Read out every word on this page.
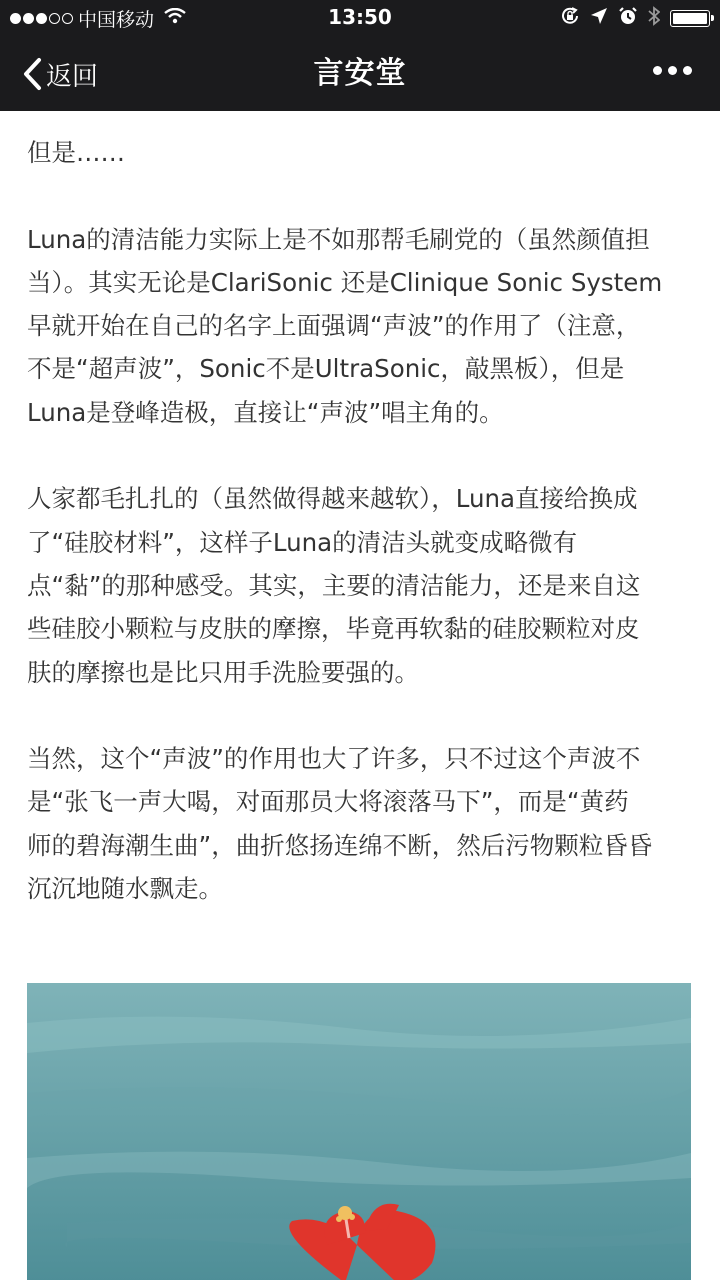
中国移动	13:50
返回	言安堂

但是……

Luna的清洁能力实际上是不如那帮毛刷党的（虽然颜值担
当）。其实无论是ClariSonic 还是Clinique Sonic System
早就开始在自己的名字上面强调“声波”的作用了（注意，
不是“超声波”，Sonic不是UltraSonic，敲黑板），但是
Luna是登峰造极，直接让“声波”唱主角的。

人家都毛扎扎的（虽然做得越来越软），Luna直接给换成
了“硅胶材料”，这样子Luna的清洁头就变成略微有
点“黏”的那种感受。其实，主要的清洁能力，还是来自这
些硅胶小颗粒与皮肤的摩擦，毕竟再软黏的硅胶颗粒对皮
肤的摩擦也是比只用手洗脸要强的。

当然，这个“声波”的作用也大了许多，只不过这个声波不
是“张飞一声大喝，对面那员大将滚落马下”，而是“黄药
师的碧海潮生曲”，曲折悠扬连绵不断，然后污物颗粒昏昏
沉沉地随水飘走。
